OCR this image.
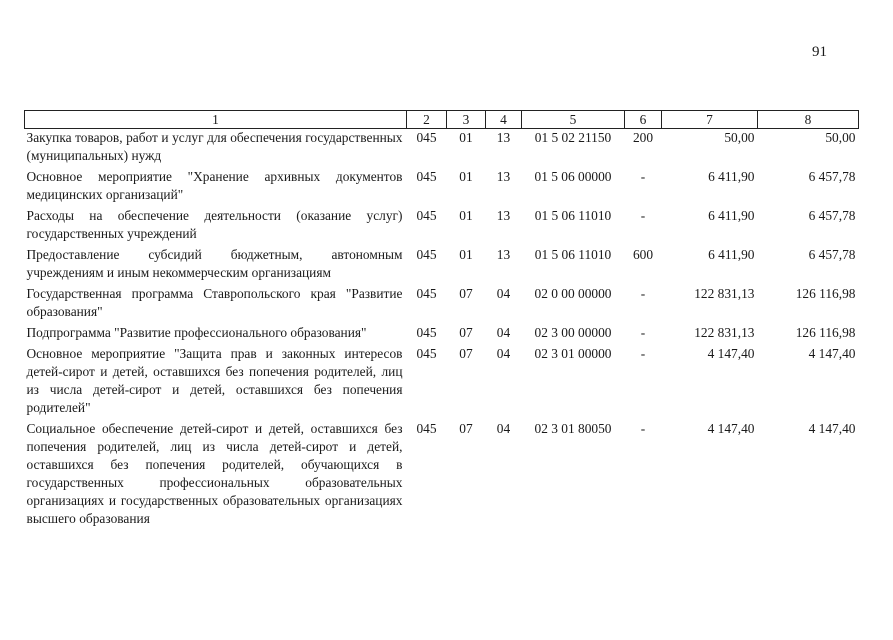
91
1	2	3	4	5	6	7	8
Закупка товаров, работ и услуг для обеспечения государственных (муниципальных) нужд	045	01	13	01 5 02 21150	200	50,00	50,00
Основное мероприятие "Хранение архивных документов медицинских организаций"	045	01	13	01 5 06 00000	-	6 411,90	6 457,78
Расходы на обеспечение деятельности (оказание услуг) государственных учреждений	045	01	13	01 5 06 11010	-	6 411,90	6 457,78
Предоставление субсидий бюджетным, автономным учреждениям и иным некоммерческим организациям	045	01	13	01 5 06 11010	600	6 411,90	6 457,78
Государственная программа Ставропольского края "Развитие образования"	045	07	04	02 0 00 00000	-	122 831,13	126 116,98
Подпрограмма "Развитие профессионального образования"	045	07	04	02 3 00 00000	-	122 831,13	126 116,98
Основное мероприятие "Защита прав и законных интересов детей-сирот и детей, оставшихся без попечения родителей, лиц из числа детей-сирот и детей, оставшихся без попечения родителей"	045	07	04	02 3 01 00000	-	4 147,40	4 147,40
Социальное обеспечение детей-сирот и детей, оставшихся без попечения родителей, лиц из числа детей-сирот и детей, оставшихся без попечения родителей, обучающихся в государственных профессиональных образовательных организациях и государственных образовательных организациях высшего образования	045	07	04	02 3 01 80050	-	4 147,40	4 147,40
